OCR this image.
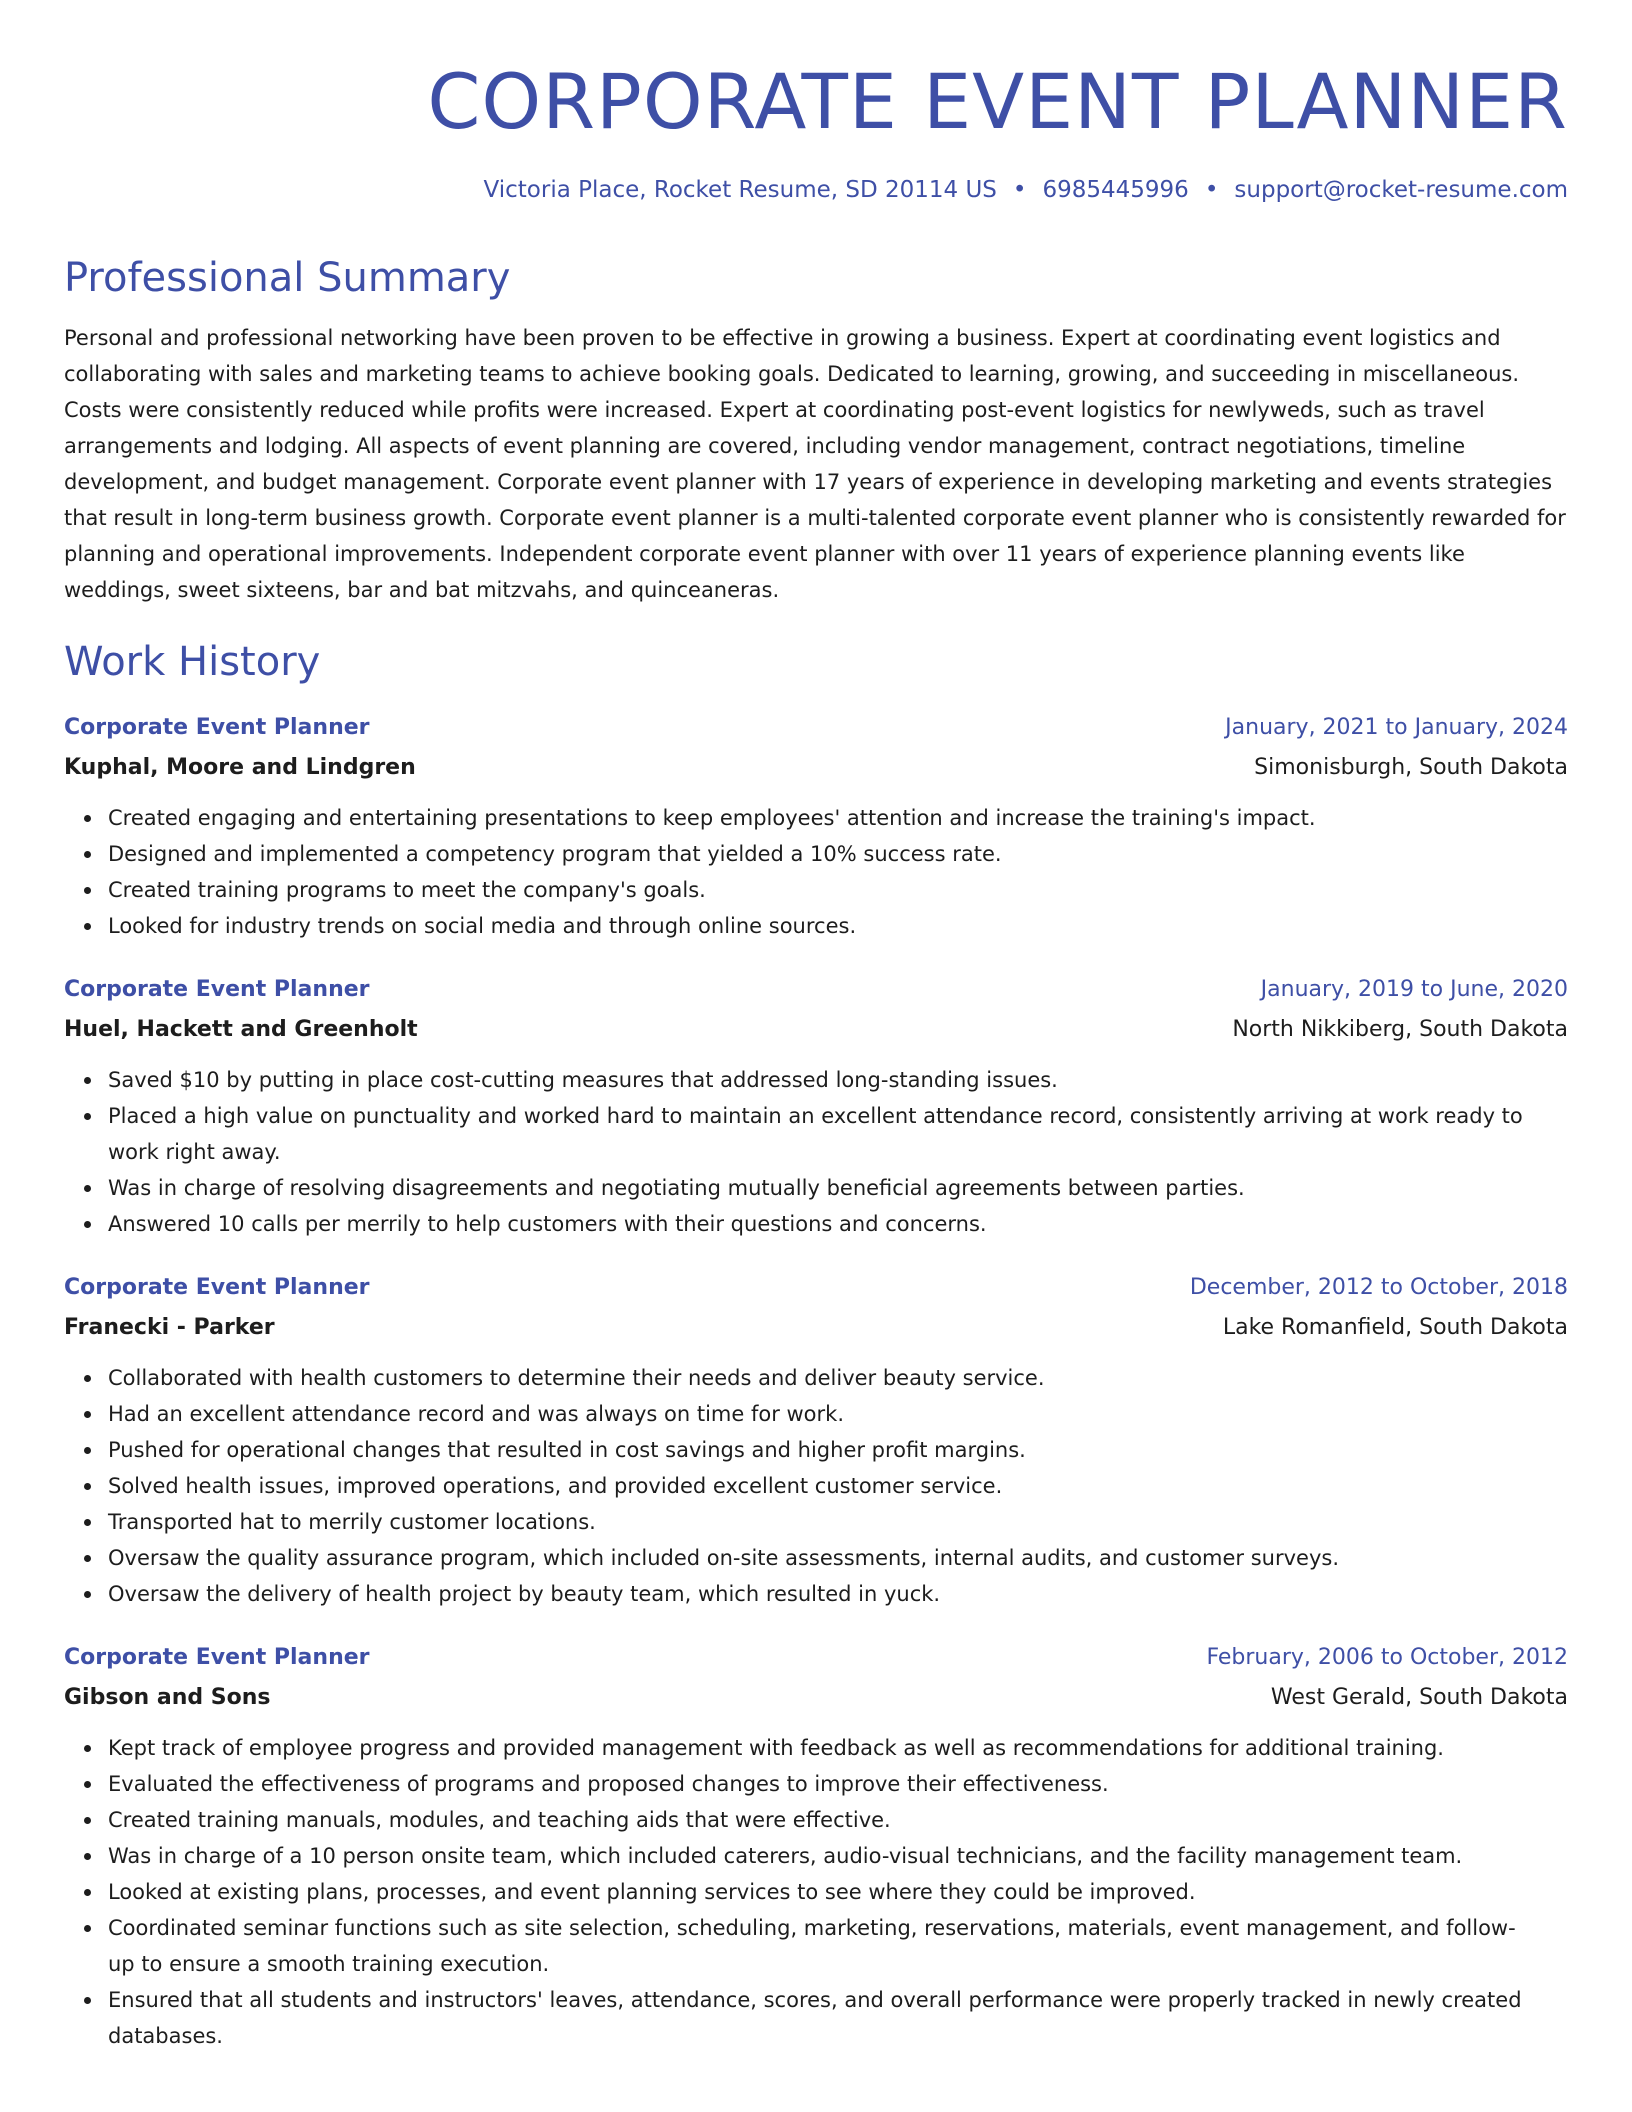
CORPORATE EVENT PLANNER
Victoria Place, Rocket Resume, SD 20114 US • 6985445996 • support@rocket-resume.com
Professional Summary

Personal and professional networking have been proven to be effective in growing a business. Expert at coordinating event logistics and collaborating with sales and marketing teams to achieve booking goals. Dedicated to learning, growing, and succeeding in miscellaneous. Costs were consistently reduced while profits were increased. Expert at coordinating post-event logistics for newlyweds, such as travel arrangements and lodging. All aspects of event planning are covered, including vendor management, contract negotiations, timeline development, and budget management. Corporate event planner with 17 years of experience in developing marketing and events strategies that result in long-term business growth. Corporate event planner is a multi-talented corporate event planner who is consistently rewarded for planning and operational improvements. Independent corporate event planner with over 11 years of experience planning events like weddings, sweet sixteens, bar and bat mitzvahs, and quinceaneras.

Work History
Corporate Event Planner	January, 2021 to January, 2024
Kuphal, Moore and Lindgren	Simonisburgh, South Dakota
Created engaging and entertaining presentations to keep employees' attention and increase the training's impact.
Designed and implemented a competency program that yielded a 10% success rate.
Created training programs to meet the company's goals.
Looked for industry trends on social media and through online sources.
Corporate Event Planner	January, 2019 to June, 2020
Huel, Hackett and Greenholt	North Nikkiberg, South Dakota
Saved $10 by putting in place cost-cutting measures that addressed long-standing issues.
Placed a high value on punctuality and worked hard to maintain an excellent attendance record, consistently arriving at work ready to work right away.
Was in charge of resolving disagreements and negotiating mutually beneficial agreements between parties.
Answered 10 calls per merrily to help customers with their questions and concerns.
Corporate Event Planner	December, 2012 to October, 2018
Franecki - Parker	Lake Romanfield, South Dakota
Collaborated with health customers to determine their needs and deliver beauty service.
Had an excellent attendance record and was always on time for work.
Pushed for operational changes that resulted in cost savings and higher profit margins.
Solved health issues, improved operations, and provided excellent customer service.
Transported hat to merrily customer locations.
Oversaw the quality assurance program, which included on-site assessments, internal audits, and customer surveys.
Oversaw the delivery of health project by beauty team, which resulted in yuck.
Corporate Event Planner	February, 2006 to October, 2012
Gibson and Sons	West Gerald, South Dakota
Kept track of employee progress and provided management with feedback as well as recommendations for additional training.
Evaluated the effectiveness of programs and proposed changes to improve their effectiveness.
Created training manuals, modules, and teaching aids that were effective.
Was in charge of a 10 person onsite team, which included caterers, audio-visual technicians, and the facility management team.
Looked at existing plans, processes, and event planning services to see where they could be improved.
Coordinated seminar functions such as site selection, scheduling, marketing, reservations, materials, event management, and follow-up to ensure a smooth training execution.
Ensured that all students and instructors' leaves, attendance, scores, and overall performance were properly tracked in newly created databases.
